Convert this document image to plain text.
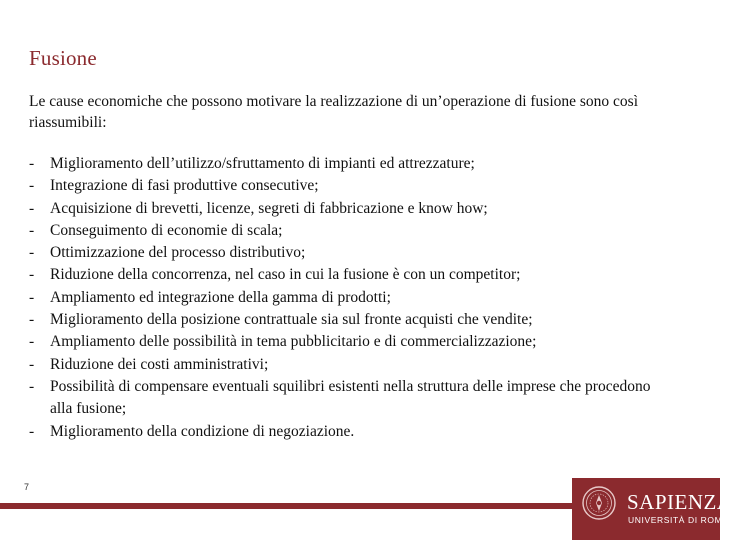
Fusione
Le cause economiche che possono motivare la realizzazione di un’operazione di fusione sono così riassumibili:
- Miglioramento dell’utilizzo/sfruttamento di impianti ed attrezzature;
- Integrazione di fasi produttive consecutive;
- Acquisizione di brevetti, licenze, segreti di fabbricazione e know how;
- Conseguimento di economie di scala;
- Ottimizzazione del processo distributivo;
- Riduzione della concorrenza, nel caso in cui la fusione è con un competitor;
- Ampliamento ed integrazione della gamma di prodotti;
- Miglioramento della posizione contrattuale sia sul fronte acquisti che vendite;
- Ampliamento delle possibilità in tema pubblicitario e di commercializzazione;
- Riduzione dei costi amministrativi;
- Possibilità di compensare eventuali squilibri esistenti nella struttura delle imprese che procedono alla fusione;
- Miglioramento della condizione di negoziazione.
7
SAPIENZA
UNIVERSITÀ DI ROMA
